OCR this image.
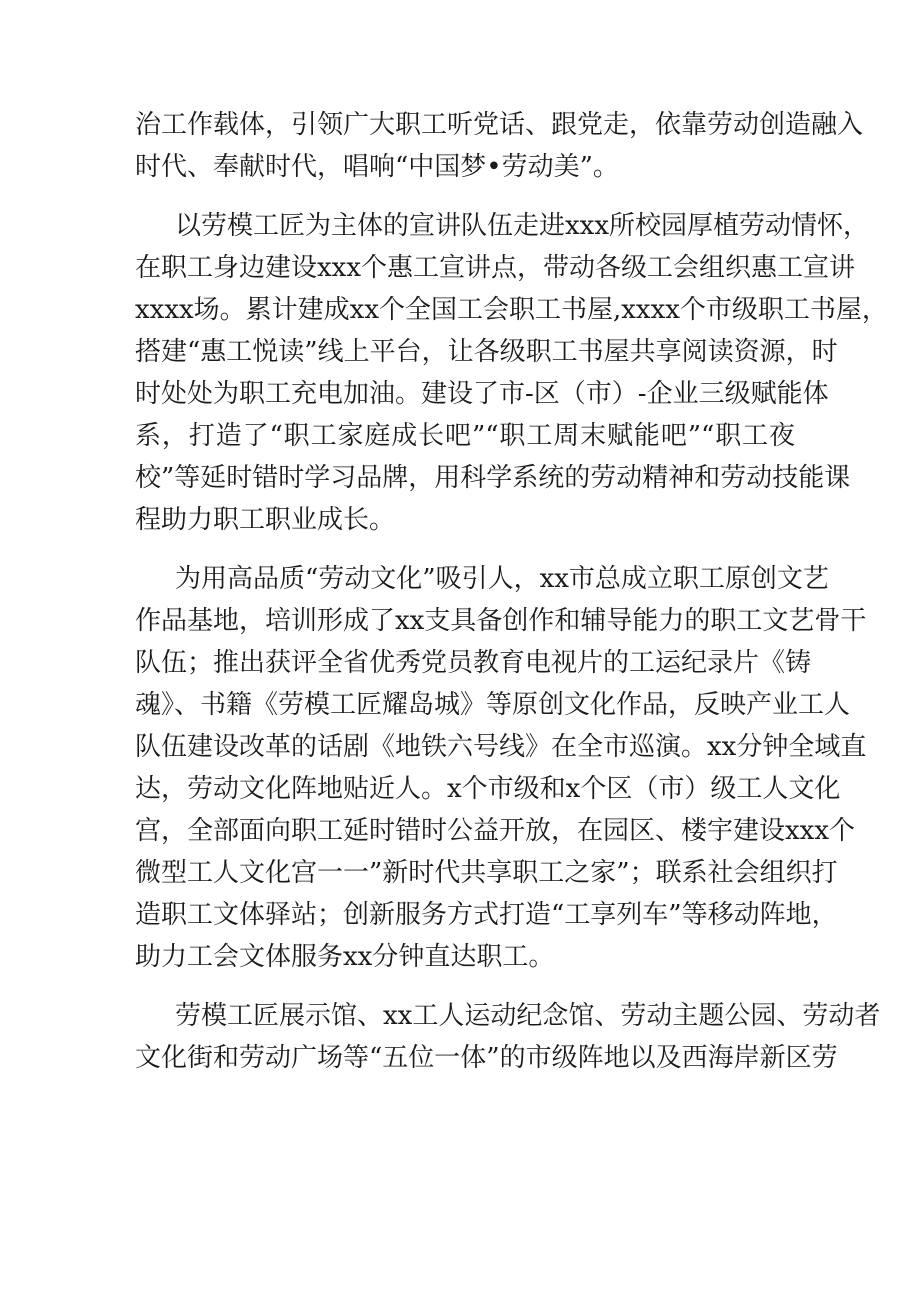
治工作载体，引领广大职工听党话、跟党走，依靠劳动创造融入
时代、奉献时代，唱响“中国梦•劳动美”。
以劳模工匠为主体的宣讲队伍走进xxx所校园厚植劳动情怀，
在职工身边建设xxx个惠工宣讲点，带动各级工会组织惠工宣讲
xxxx场。累计建成xx个全国工会职工书屋,xxxx个市级职工书屋，
搭建“惠工悦读”线上平台，让各级职工书屋共享阅读资源，时
时处处为职工充电加油。建设了市-区（市）-企业三级赋能体
系，打造了“职工家庭成长吧”“职工周末赋能吧”“职工夜
校”等延时错时学习品牌，用科学系统的劳动精神和劳动技能课
程助力职工职业成长。
为用高品质“劳动文化”吸引人，xx市总成立职工原创文艺
作品基地，培训形成了xx支具备创作和辅导能力的职工文艺骨干
队伍；推出获评全省优秀党员教育电视片的工运纪录片《铸
魂》、书籍《劳模工匠耀岛城》等原创文化作品，反映产业工人
队伍建设改革的话剧《地铁六号线》在全市巡演。xx分钟全域直
达，劳动文化阵地贴近人。x个市级和x个区（市）级工人文化
宫，全部面向职工延时错时公益开放，在园区、楼宇建设xxx个
微型工人文化宫一一”新时代共享职工之家”；联系社会组织打
造职工文体驿站；创新服务方式打造“工享列车”等移动阵地，
助力工会文体服务xx分钟直达职工。
劳模工匠展示馆、xx工人运动纪念馆、劳动主题公园、劳动者
文化街和劳动广场等“五位一体”的市级阵地以及西海岸新区劳
